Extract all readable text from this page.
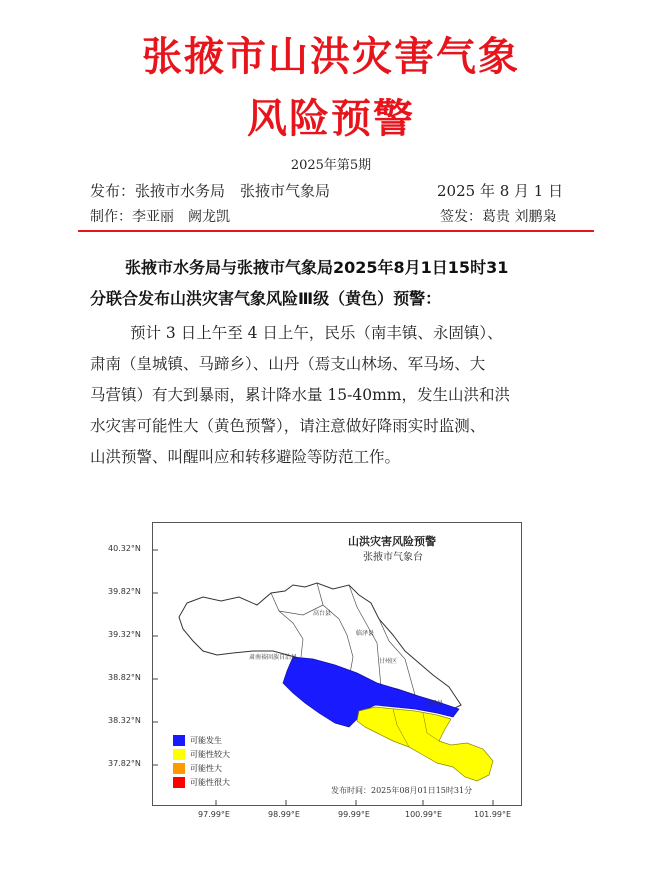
张掖市山洪灾害气象
风险预警
2025年第5期
发布：张掖市水务局　张掖市气象局	2025 年 8 月 1 日
制作：李亚丽　阙龙凯	签发：葛贵 刘鹏枭
张掖市水务局与张掖市气象局2025年8月1日15时31
分联合发布山洪灾害气象风险Ⅲ级（黄色）预警：
预计 3 日上午至 4 日上午，民乐（南丰镇、永固镇）、
肃南（皇城镇、马蹄乡）、山丹（焉支山林场、军马场、大
马营镇）有大到暴雨，累计降水量 15-40mm，发生山洪和洪
水灾害可能性大（黄色预警），请注意做好降雨实时监测、
山洪预警、叫醒叫应和转移避险等防范工作。
40.32°N
39.82°N
39.32°N
38.82°N
38.32°N
37.82°N
97.99°E	98.99°E	99.99°E	100.99°E	101.99°E
高台县
临泽县
肃南裕固族自治县
甘州区
山丹县
山洪灾害风险预警
张掖市气象台
可能发生
可能性较大
可能性大
可能性很大
发布时间：2025年08月01日15时31分
